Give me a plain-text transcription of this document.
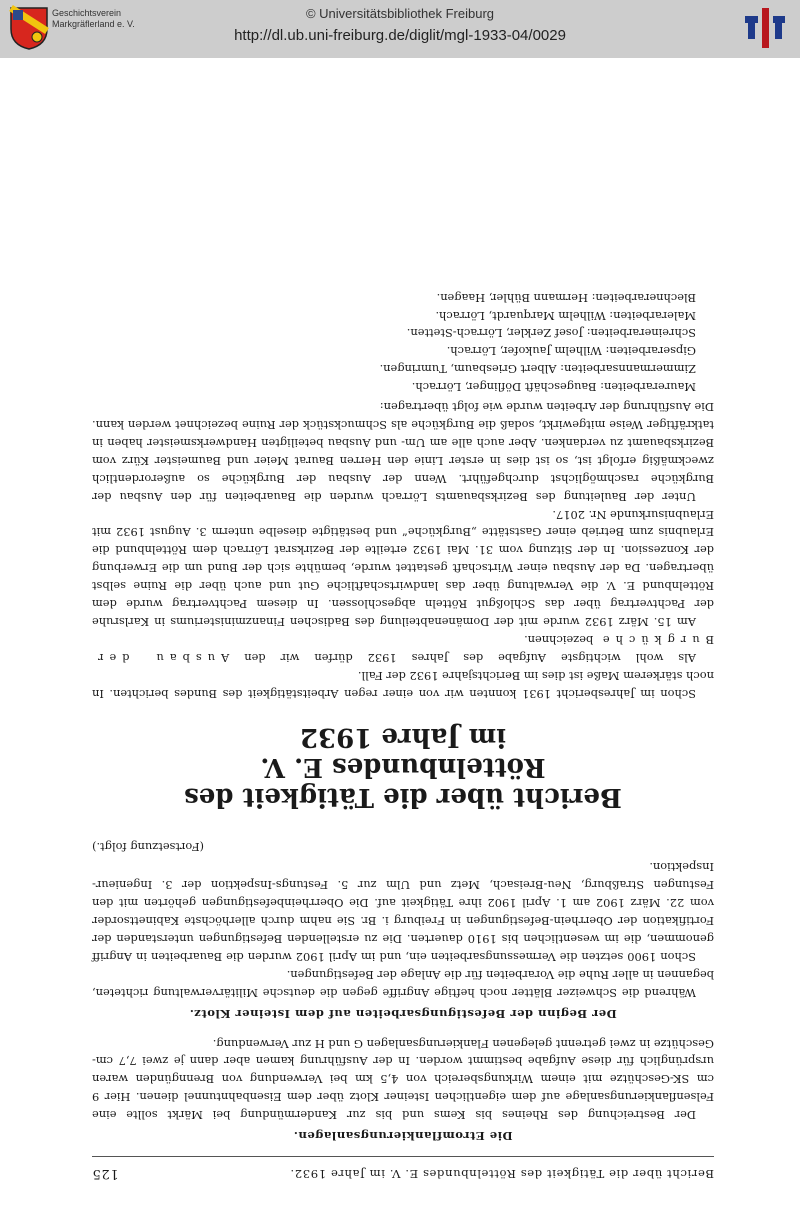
Geschichtsverein
Markgräflerland e. V.
© Universitätsbibliothek Freiburg
http://dl.ub.uni-freiburg.de/diglit/mgl-1933-04/0029
Bericht über die Tätigkeit des Röttelnbundes E. V. im Jahre 1932.
125
Die Etromflankierungsanlagen.

Der Bestreichung des Rheines bis Kems und bis zur Kandermündung bei Märkt sollte eine Felsenflankierungsanlage auf dem eigentlichen Isteiner Klotz über dem Eisenbahntunnel dienen. Hier 9 cm SK-Geschütze mit einem Wirkungsbereich von 4,5 km bei Verwendung von Brenngünden waren ursprünglich für diese Aufgabe bestimmt worden. In der Ausführung kamen aber dann je zwei 7,7 cm-Geschütze in zwei getrennt gelegenen Flankierungsanlagen G und H zur Verwendung.

Der Beginn der Befestigungsarbeiten auf dem Isteiner Klotz.

Während die Schweizer Blätter noch heftige Angriffe gegen die deutsche Militärverwaltung richteten, begannen in aller Ruhe die Vorarbeiten für die Anlage der Befestigungen.

Schon 1900 setzten die Vermessungsarbeiten ein, und im April 1902 wurden die Bauarbeiten in Angriff genommen, die im wesentlichen bis 1910 dauerten. Die zu erstellenden Befestigungen unterstanden der Fortifikation der Oberrhein-Befestigungen in Freiburg i. Br. Sie nahm durch allerhöchste Kabinettsorder vom 22. März 1902 am 1. April 1902 ihre Tätigkeit auf. Die Oberrheinbefestigungen gehörten mit den Festungen Straßburg, Neu-Breisach, Metz und Ulm zur 5. Festungs-Inspektion der 3. Ingenieur-Inspektion.

(Fortsetzung folgt.)
Bericht über die Tätigkeit des Röttelnbundes E. V.
im Jahre 1932

Schon im Jahresbericht 1931 konnten wir von einer regen Arbeitstätigkeit des Bundes berichten. In noch stärkerem Maße ist dies im Berichtsjahre 1932 der Fall.

Als wohl wichtigste Aufgabe des Jahres 1932 dürfen wir den Ausbau der Burgküche bezeichnen.

Am 15. März 1932 wurde mit der Domänenabteilung des Badischen Finanzministeriums in Karlsruhe der Pachtvertrag über das Schloßgut Rötteln abgeschlossen. In diesem Pachtvertrag wurde dem Röttelnbund E. V. die Verwaltung über das landwirtschaftliche Gut und auch über die Ruine selbst übertragen. Da der Ausbau einer Wirtschaft gestattet wurde, bemühte sich der Bund um die Erwerbung der Konzession. In der Sitzung vom 31. Mai 1932 erteilte der Bezirksrat Lörrach dem Röttelnbund die Erlaubnis zum Betrieb einer Gaststätte „Burgküche“ und bestätigte dieselbe unterm 3. August 1932 mit Erlaubnisurkunde Nr. 2017.

Unter der Bauleitung des Bezirksbauamts Lörrach wurden die Bauarbeiten für den Ausbau der Burgküche raschmöglichst durchgeführt. Wenn der Ausbau der Burgküche so außerordentlich zweckmäßig erfolgt ist, so ist dies in erster Linie den Herren Baurat Meier und Baumeister Kürz vom Bezirksbauamt zu verdanken. Aber auch alle am Um- und Ausbau beteiligten Handwerksmeister haben in tatkräftiger Weise mitgewirkt, sodaß die Burgküche als Schmuckstück der Ruine bezeichnet werden kann. Die Ausführung der Arbeiten wurde wie folgt übertragen:

Maurerarbeiten: Baugeschäft Döflinger, Lörrach.
Zimmermannsarbeiten: Albert Griesbaum, Tumringen.
Gipserarbeiten: Wilhelm Jaukofer, Lörrach.
Schreinerarbeiten: Josef Zerkler, Lörrach-Stetten.
Malerarbeiten: Wilhelm Marquardt, Lörrach.
Blechnerarbeiten: Hermann Bühler, Haagen.
